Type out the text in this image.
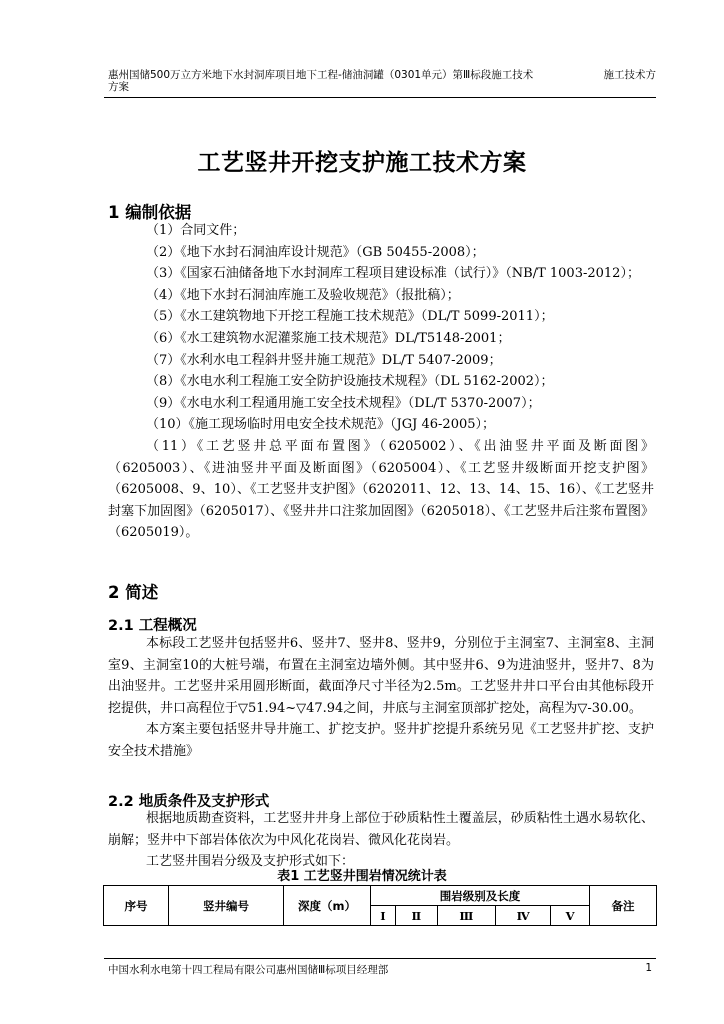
惠州国储500万立方米地下水封洞库项目地下工程-储油洞罐（0301单元）第Ⅲ标段施工技术方案
施工技术方
工艺竖井开挖支护施工技术方案
1 编制依据

（1）合同文件；

（2）《地下水封石洞油库设计规范》（GB 50455-2008）；

（3）《国家石油储备地下水封洞库工程项目建设标准（试行）》（NB/T 1003-2012）；

（4）《地下水封石洞油库施工及验收规范》（报批稿）；

（5）《水工建筑物地下开挖工程施工技术规范》（DL/T 5099-2011）；

（6）《水工建筑物水泥灌浆施工技术规范》DL/T5148-2001；

（7）《水利水电工程斜井竖井施工规范》DL/T 5407-2009；

（8）《水电水利工程施工安全防护设施技术规程》（DL 5162-2002）；

（9）《水电水利工程通用施工安全技术规程》（DL/T 5370-2007）；

（10）《施工现场临时用电安全技术规范》（JGJ 46-2005）；

（11）《工艺竖井总平面布置图》（6205002）、《出油竖井平面及断面图》（6205003）、《进油竖井平面及断面图》（6205004）、《工艺竖井级断面开挖支护图》（6205008、9、10）、《工艺竖井支护图》（6202011、12、13、14、15、16）、《工艺竖井封塞下加固图》（6205017）、《竖井井口注浆加固图》（6205018）、《工艺竖井后注浆布置图》（6205019）。

2 简述
2.1 工程概况

本标段工艺竖井包括竖井6、竖井7、竖井8、竖井9，分别位于主洞室7、主洞室8、主洞室9、主洞室10的大桩号端，布置在主洞室边墙外侧。其中竖井6、9为进油竖井，竖井7、8为出油竖井。工艺竖井采用圆形断面，截面净尺寸半径为2.5m。工艺竖井井口平台由其他标段开挖提供，井口高程位于▽51.94~▽47.94之间，井底与主洞室顶部扩挖处，高程为▽-30.00。

本方案主要包括竖井导井施工、扩挖支护。竖井扩挖提升系统另见《工艺竖井扩挖、支护安全技术措施》

2.2 地质条件及支护形式

根据地质勘查资料，工艺竖井井身上部位于砂质粘性土覆盖层，砂质粘性土遇水易软化、崩解；竖井中下部岩体依次为中风化花岗岩、微风化花岗岩。

工艺竖井围岩分级及支护形式如下：

表1 工艺竖井围岩情况统计表
序号	竖井编号	深度（m）	围岩级别及长度					备注
			Ⅰ	Ⅱ	Ⅲ	Ⅳ	Ⅴ	
中国水利水电第十四工程局有限公司惠州国储Ⅲ标项目经理部	1
